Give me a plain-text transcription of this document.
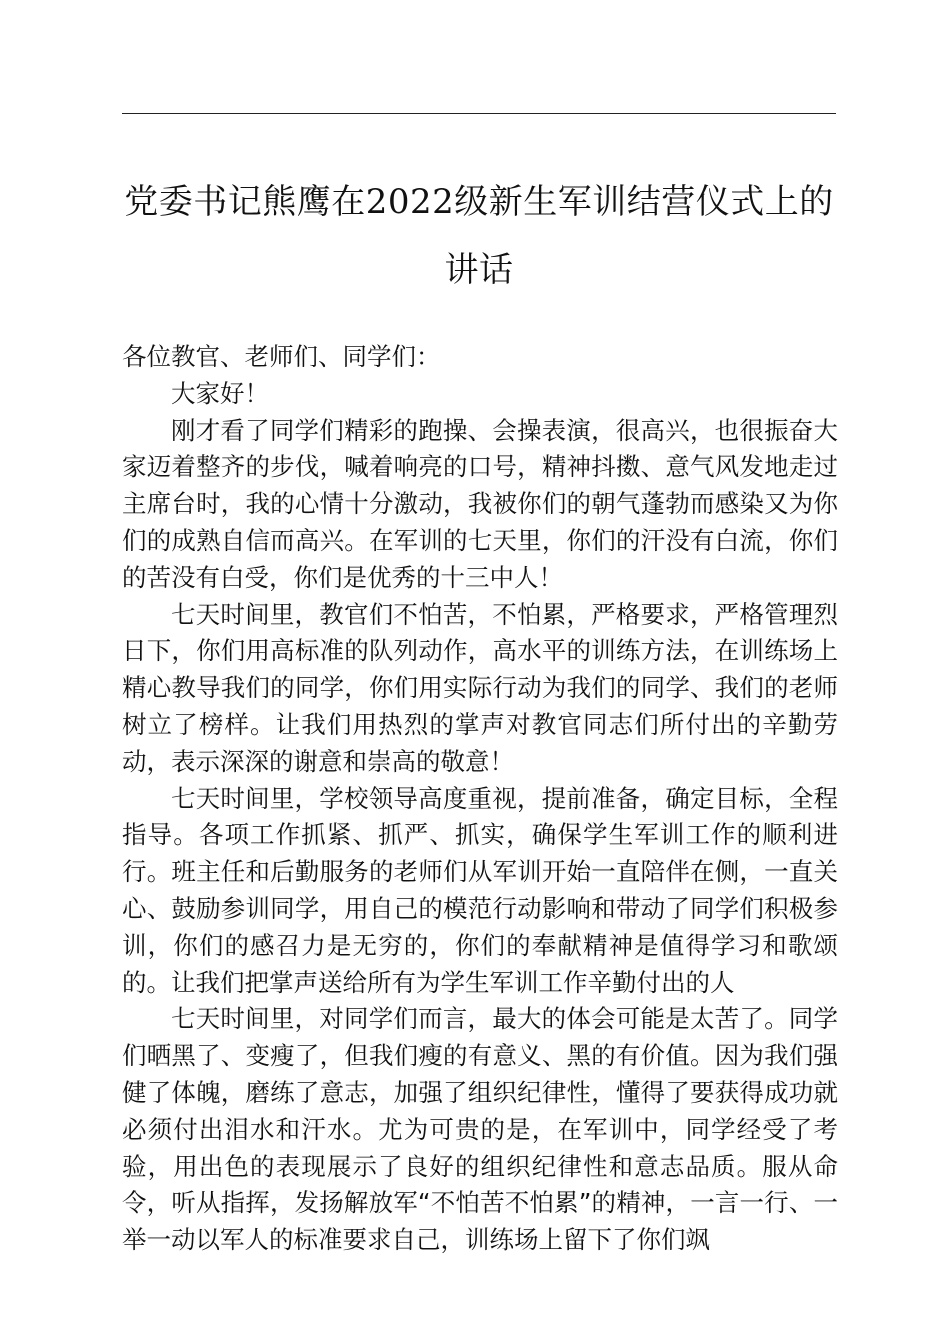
党委书记熊鹰在2022级新生军训结营仪式上的讲话

各位教官、老师们、同学们：

大家好！

刚才看了同学们精彩的跑操、会操表演，很高兴，也很振奋大家迈着整齐的步伐，喊着响亮的口号，精神抖擞、意气风发地走过主席台时，我的心情十分激动，我被你们的朝气蓬勃而感染又为你们的成熟自信而高兴。在军训的七天里，你们的汗没有白流，你们的苦没有白受，你们是优秀的十三中人！

七天时间里，教官们不怕苦，不怕累，严格要求，严格管理烈日下，你们用高标准的队列动作，高水平的训练方法，在训练场上精心教导我们的同学，你们用实际行动为我们的同学、我们的老师树立了榜样。让我们用热烈的掌声对教官同志们所付出的辛勤劳动，表示深深的谢意和崇高的敬意！

七天时间里，学校领导高度重视，提前准备，确定目标，全程指导。各项工作抓紧、抓严、抓实，确保学生军训工作的顺利进行。班主任和后勤服务的老师们从军训开始一直陪伴在侧，一直关心、鼓励参训同学，用自己的模范行动影响和带动了同学们积极参训，你们的感召力是无穷的，你们的奉献精神是值得学习和歌颂的。让我们把掌声送给所有为学生军训工作辛勤付出的人

七天时间里，对同学们而言，最大的体会可能是太苦了。同学们晒黑了、变瘦了，但我们瘦的有意义、黑的有价值。因为我们强健了体魄，磨练了意志，加强了组织纪律性，懂得了要获得成功就必须付出泪水和汗水。尤为可贵的是，在军训中，同学经受了考验，用出色的表现展示了良好的组织纪律性和意志品质。服从命令，听从指挥，发扬解放军“不怕苦不怕累”的精神，一言一行、一举一动以军人的标准要求自己，训练场上留下了你们飒
